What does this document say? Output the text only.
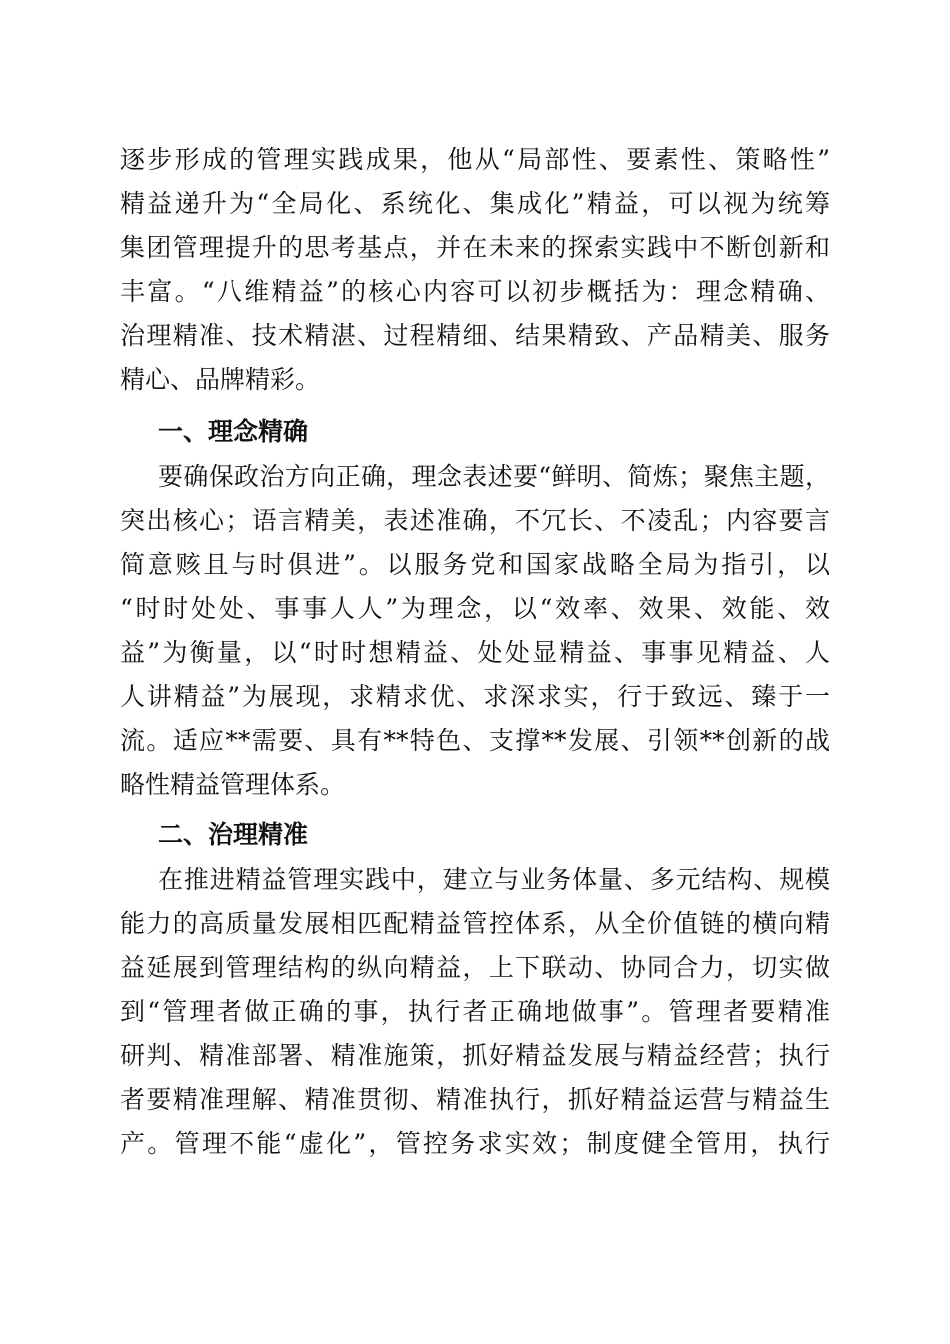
逐步形成的管理实践成果，他从“局部性、要素性、策略性”
精益递升为“全局化、系统化、集成化”精益，可以视为统筹
集团管理提升的思考基点，并在未来的探索实践中不断创新和
丰富。“八维精益”的核心内容可以初步概括为：理念精确、
治理精准、技术精湛、过程精细、结果精致、产品精美、服务
精心、品牌精彩。
一、理念精确
要确保政治方向正确，理念表述要“鲜明、简炼；聚焦主题，
突出核心；语言精美，表述准确，不冗长、不凌乱；内容要言
简意赅且与时俱进”。以服务党和国家战略全局为指引，以
“时时处处、事事人人”为理念，以“效率、效果、效能、效
益”为衡量，以“时时想精益、处处显精益、事事见精益、人
人讲精益”为展现，求精求优、求深求实，行于致远、臻于一
流。适应**需要、具有**特色、支撑**发展、引领**创新的战
略性精益管理体系。
二、治理精准
在推进精益管理实践中，建立与业务体量、多元结构、规模
能力的高质量发展相匹配精益管控体系，从全价值链的横向精
益延展到管理结构的纵向精益，上下联动、协同合力，切实做
到“管理者做正确的事，执行者正确地做事”。管理者要精准
研判、精准部署、精准施策，抓好精益发展与精益经营；执行
者要精准理解、精准贯彻、精准执行，抓好精益运营与精益生
产。管理不能“虚化”，管控务求实效；制度健全管用，执行
